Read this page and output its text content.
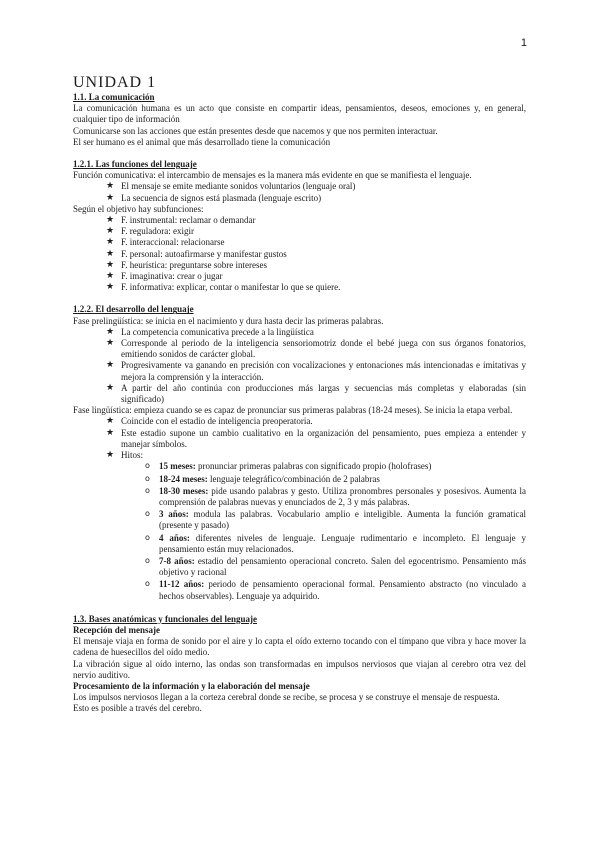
1
UNIDAD 1

1.1. La comunicación

La comunicación humana es un acto que consiste en compartir ideas, pensamientos, deseos, emociones y, en general, cualquier tipo de información

Comunicarse son las acciones que están presentes desde que nacemos y que nos permiten interactuar.

El ser humano es el animal que más desarrollado tiene la comunicación

1.2.1. Las funciones del lenguaje

Función comunicativa: el intercambio de mensajes es la manera más evidente en que se manifiesta el lenguaje.

★ El mensaje se emite mediante sonidos voluntarios (lenguaje oral)
★ La secuencia de signos está plasmada (lenguaje escrito)

Según el objetivo hay subfunciones:

★ F. instrumental: reclamar o demandar
★ F. reguladora: exigir
★ F. interaccional: relacionarse
★ F. personal: autoafirmarse y manifestar gustos
★ F. heurística: preguntarse sobre intereses
★ F. imaginativa: crear o jugar
★ F. informativa: explicar, contar o manifestar lo que se quiere.

1.2.2. El desarrollo del lenguaje

Fase prelingüística: se inicia en el nacimiento y dura hasta decir las primeras palabras.

★ La competencia comunicativa precede a la lingüística
★ Corresponde al periodo de la inteligencia sensoriomotriz donde el bebé juega con sus órganos fonatorios, emitiendo sonidos de carácter global.
★ Progresivamente va ganando en precisión con vocalizaciones y entonaciones más intencionadas e imitativas y mejora la comprensión y la interacción.
★ A partir del año continúa con producciones más largas y secuencias más completas y elaboradas (sin significado)

Fase lingüística: empieza cuando se es capaz de pronunciar sus primeras palabras (18-24 meses). Se inicia la etapa verbal.

★ Coincide con el estadio de inteligencia preoperatoria.
★ Este estadio supone un cambio cualitativo en la organización del pensamiento, pues empieza a entender y manejar símbolos.
★ Hitos:
o 15 meses: pronunciar primeras palabras con significado propio (holofrases)
o 18-24 meses: lenguaje telegráfico/combinación de 2 palabras
o 18-30 meses: pide usando palabras y gesto. Utiliza pronombres personales y posesivos. Aumenta la comprensión de palabras nuevas y enunciados de 2, 3 y más palabras.
o 3 años: modula las palabras. Vocabulario amplio e inteligible. Aumenta la función gramatical (presente y pasado)
o 4 años: diferentes niveles de lenguaje. Lenguaje rudimentario e incompleto. El lenguaje y pensamiento están muy relacionados.
o 7-8 años: estadio del pensamiento operacional concreto. Salen del egocentrismo. Pensamiento más objetivo y racional
o 11-12 años: periodo de pensamiento operacional formal. Pensamiento abstracto (no vinculado a hechos observables). Lenguaje ya adquirido.

1.3. Bases anatómicas y funcionales del lenguaje

Recepción del mensaje

El mensaje viaja en forma de sonido por el aire y lo capta el oído externo tocando con el tímpano que vibra y hace mover la cadena de huesecillos del oído medio.

La vibración sigue al oído interno, las ondas son transformadas en impulsos nerviosos que viajan al cerebro otra vez del nervio auditivo.

Procesamiento de la información y la elaboración del mensaje

Los impulsos nerviosos llegan a la corteza cerebral donde se recibe, se procesa y se construye el mensaje de respuesta.

Esto es posible a través del cerebro.
